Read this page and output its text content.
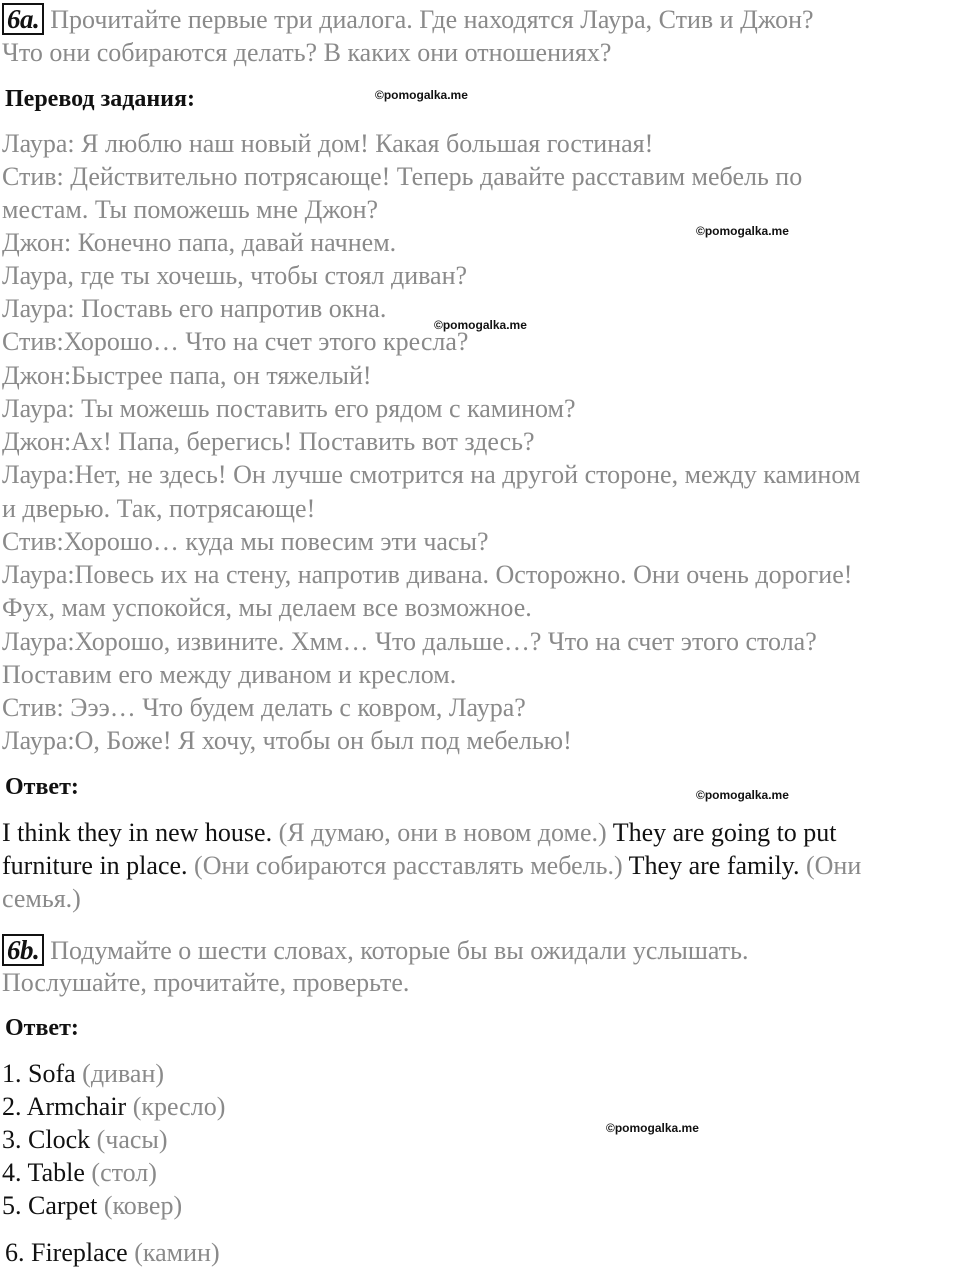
6a. Прочитайте первые три диалога. Где находятся Лаура, Стив и Джон?
Что они собираются делать? В каких они отношениях?
Перевод задания:	©pomogalka.me
Лаура: Я люблю наш новый дом! Какая большая гостиная!
Стив: Действительно потрясающе! Теперь давайте расставим мебель по
местам. Ты поможешь мне Джон?
©pomogalka.me
Джон: Конечно папа, давай начнем.
Лаура, где ты хочешь, чтобы стоял диван?
Лаура: Поставь его напротив окна.
©pomogalka.me
Стив:Хорошо… Что на счет этого кресла?
Джон:Быстрее папа, он тяжелый!
Лаура: Ты можешь поставить его рядом с камином?
Джон:Ах! Папа, берегись! Поставить вот здесь?
Лаура:Нет, не здесь! Он лучше смотрится на другой стороне, между камином
и дверью. Так, потрясающе!
Стив:Хорошо… куда мы повесим эти часы?
Лаура:Повесь их на стену, напротив дивана. Осторожно. Они очень дорогие!
Фух, мам успокойся, мы делаем все возможное.
Лаура:Хорошо, извините. Хмм… Что дальше…? Что на счет этого стола?
Поставим его между диваном и креслом.
Стив: Эээ… Что будем делать с ковром, Лаура?
Лаура:О, Боже! Я хочу, чтобы он был под мебелью!
Ответ:	©pomogalka.me
I think they in new house. (Я думаю, они в новом доме.) They are going to put
furniture in place. (Они собираются расставлять мебель.) They are family. (Они
семья.)
6b. Подумайте о шести словах, которые бы вы ожидали услышать.
Послушайте, прочитайте, проверьте.
Ответ:
1. Sofa (диван)
2. Armchair (кресло)
©pomogalka.me
3. Clock (часы)
4. Table (стол)
5. Carpet (ковер)
6. Fireplace (камин)
